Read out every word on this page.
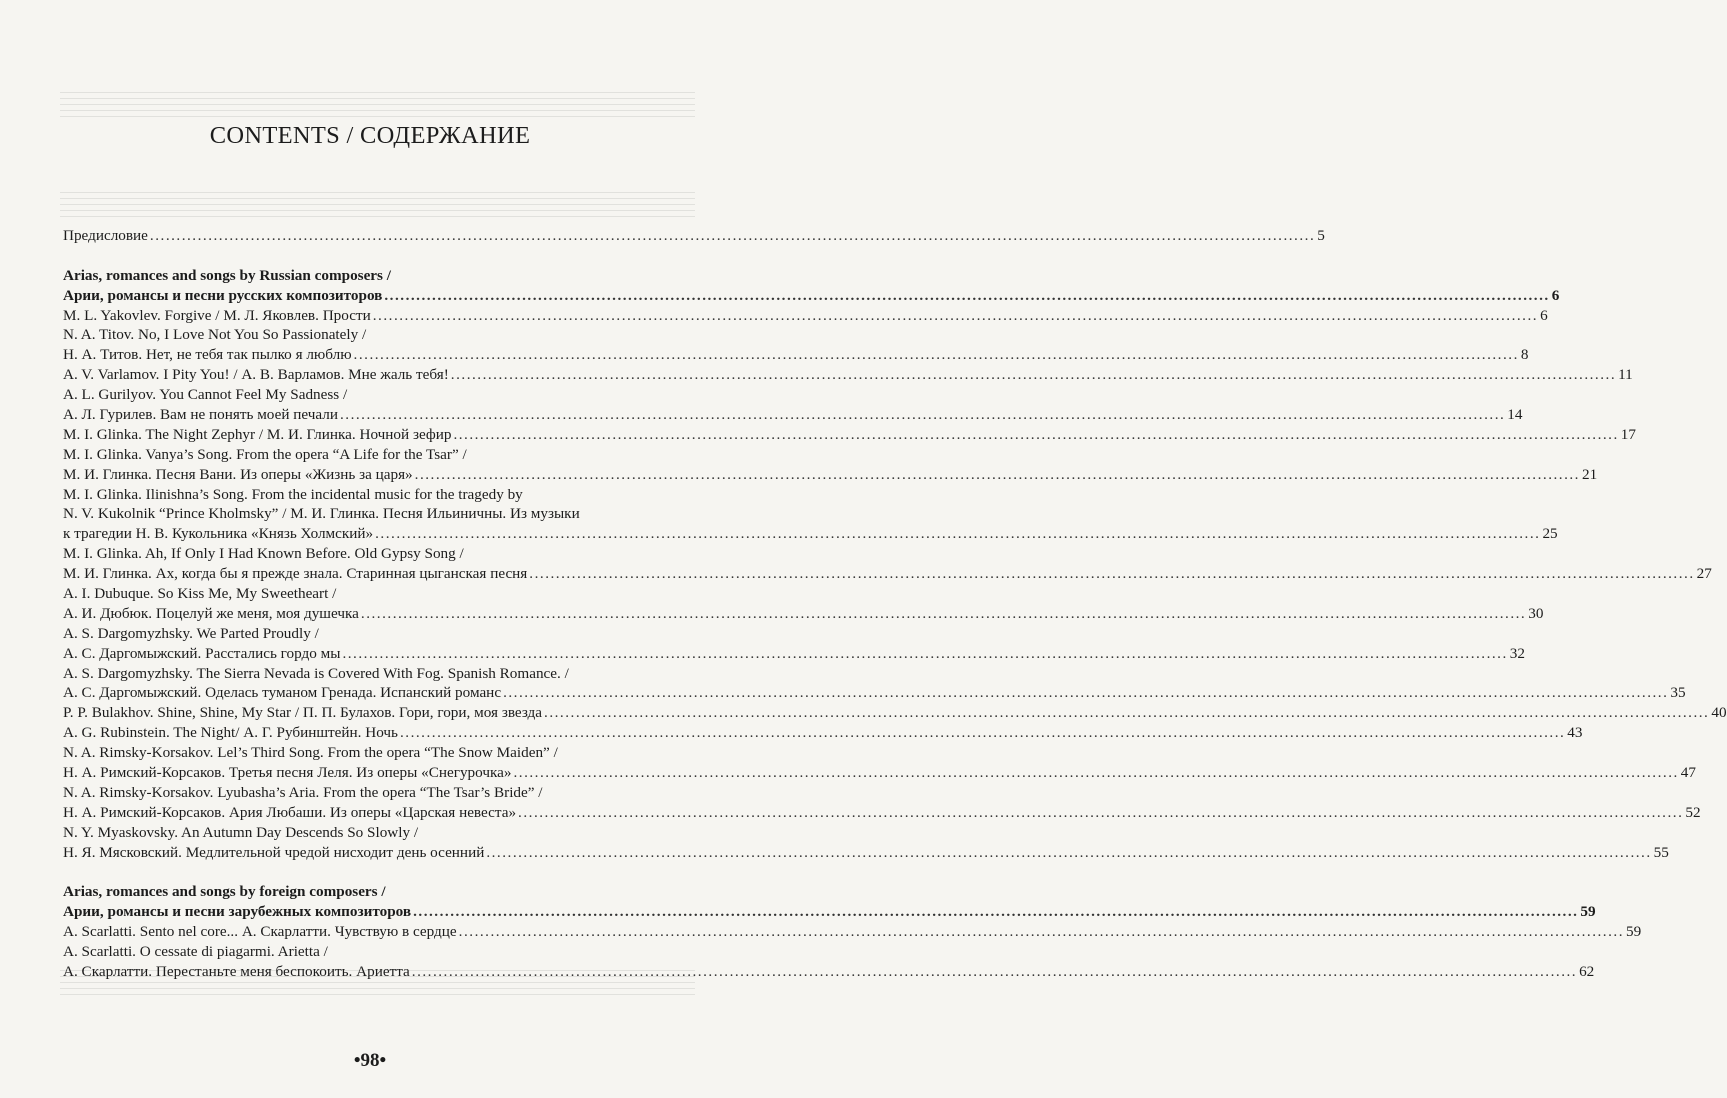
CONTENTS / СОДЕРЖАНИЕ
Предисловие ............................................................................................................................................................................................................................ 5
Arias, romances and songs by Russian composers /
Арии, романсы и песни русских композиторов ............................................................................................................................................................................................................................ 6
M. L. Yakovlev. Forgive / М. Л. Яковлев. Прости ............................................................................................................................................................................................................................ 6
N. A. Titov. No, I Love Not You So Passionately /
Н. А. Титов. Нет, не тебя так пылко я люблю ............................................................................................................................................................................................................................ 8
A. V. Varlamov. I Pity You! / А. В. Варламов. Мне жаль тебя! ............................................................................................................................................................................................................................ 11
A. L. Gurilyov. You Cannot Feel My Sadness /
А. Л. Гурилев. Вам не понять моей печали ............................................................................................................................................................................................................................ 14
M. I. Glinka. The Night Zephyr / М. И. Глинка. Ночной зефир ............................................................................................................................................................................................................................ 17
M. I. Glinka. Vanya’s Song. From the opera “A Life for the Tsar” /
М. И. Глинка. Песня Вани. Из оперы «Жизнь за царя» ............................................................................................................................................................................................................................ 21
M. I. Glinka. Ilinishna’s Song. From the incidental music for the tragedy by
N. V. Kukolnik “Prince Kholmsky” / М. И. Глинка. Песня Ильиничны. Из музыки
к трагедии Н. В. Кукольника «Князь Холмский» ............................................................................................................................................................................................................................ 25
M. I. Glinka. Ah, If Only I Had Known Before. Old Gypsy Song /
М. И. Глинка. Ах, когда бы я прежде знала. Старинная цыганская песня ............................................................................................................................................................................................................................ 27
A. I. Dubuque. So Kiss Me, My Sweetheart /
А. И. Дюбюк. Поцелуй же меня, моя душечка ............................................................................................................................................................................................................................ 30
A. S. Dargomyzhsky. We Parted Proudly /
А. С. Даргомыжский. Расстались гордо мы ............................................................................................................................................................................................................................ 32
A. S. Dargomyzhsky. The Sierra Nevada is Covered With Fog. Spanish Romance. /
А. С. Даргомыжский. Оделась туманом Гренада. Испанский романс ............................................................................................................................................................................................................................ 35
P. P. Bulakhov. Shine, Shine, My Star / П. П. Булахов. Гори, гори, моя звезда ............................................................................................................................................................................................................................ 40
A. G. Rubinstein. The Night/ А. Г. Рубинштейн. Ночь ............................................................................................................................................................................................................................ 43
N. A. Rimsky-Korsakov. Lel’s Third Song. From the opera “The Snow Maiden” /
Н. А. Римский-Корсаков. Третья песня Леля. Из оперы «Снегурочка» ............................................................................................................................................................................................................................ 47
N. A. Rimsky-Korsakov. Lyubasha’s Aria. From the opera “The Tsar’s Bride” /
Н. А. Римский-Корсаков. Ария Любаши. Из оперы «Царская невеста» ............................................................................................................................................................................................................................ 52
N. Y. Myaskovsky. An Autumn Day Descends So Slowly /
Н. Я. Мясковский. Медлительной чредой нисходит день осенний ............................................................................................................................................................................................................................ 55
Arias, romances and songs by foreign composers /
Арии, романсы и песни зарубежных композиторов ............................................................................................................................................................................................................................ 59
A. Scarlatti. Sento nel core... А. Скарлатти. Чувствую в сердце ............................................................................................................................................................................................................................ 59
A. Scarlatti. O cessate di piagarmi. Arietta /
А. Скарлатти. Перестаньте меня беспокоить. Ариетта ............................................................................................................................................................................................................................ 62
•98•
